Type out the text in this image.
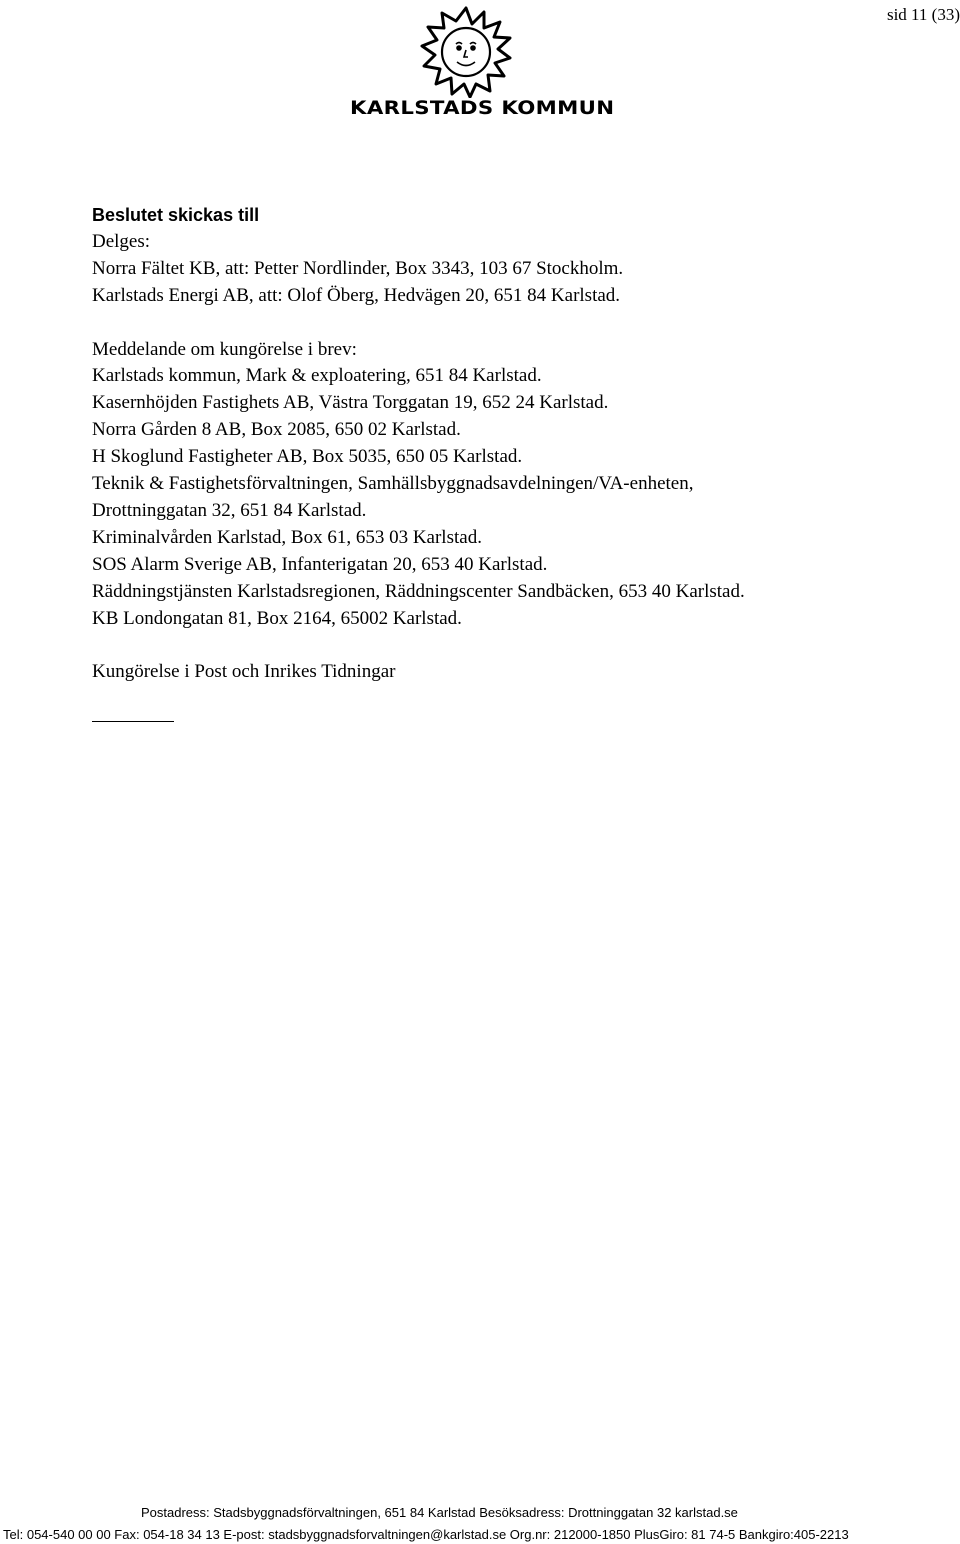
sid 11 (33)
KARLSTADS KOMMUN
Beslutet skickas till
Delges:
Norra Fältet KB, att: Petter Nordlinder, Box 3343, 103 67 Stockholm.
Karlstads Energi AB, att: Olof Öberg, Hedvägen 20, 651 84 Karlstad.
Meddelande om kungörelse i brev:
Karlstads kommun, Mark & exploatering, 651 84 Karlstad.
Kasernhöjden Fastighets AB, Västra Torggatan 19, 652 24 Karlstad.
Norra Gården 8 AB, Box 2085, 650 02 Karlstad.
H Skoglund Fastigheter AB, Box 5035, 650 05 Karlstad.
Teknik & Fastighetsförvaltningen, Samhällsbyggnadsavdelningen/VA-enheten,
Drottninggatan 32, 651 84 Karlstad.
Kriminalvården Karlstad, Box 61, 653 03 Karlstad.
SOS Alarm Sverige AB, Infanterigatan 20, 653 40 Karlstad.
Räddningstjänsten Karlstadsregionen, Räddningscenter Sandbäcken, 653 40 Karlstad.
KB Londongatan 81, Box 2164, 65002 Karlstad.
Kungörelse i Post och Inrikes Tidningar
Postadress: Stadsbyggnadsförvaltningen, 651 84 Karlstad Besöksadress: Drottninggatan 32 karlstad.se
Tel: 054-540 00 00 Fax: 054-18 34 13 E-post: stadsbyggnadsforvaltningen@karlstad.se Org.nr: 212000-1850 PlusGiro: 81 74-5 Bankgiro:405-2213
